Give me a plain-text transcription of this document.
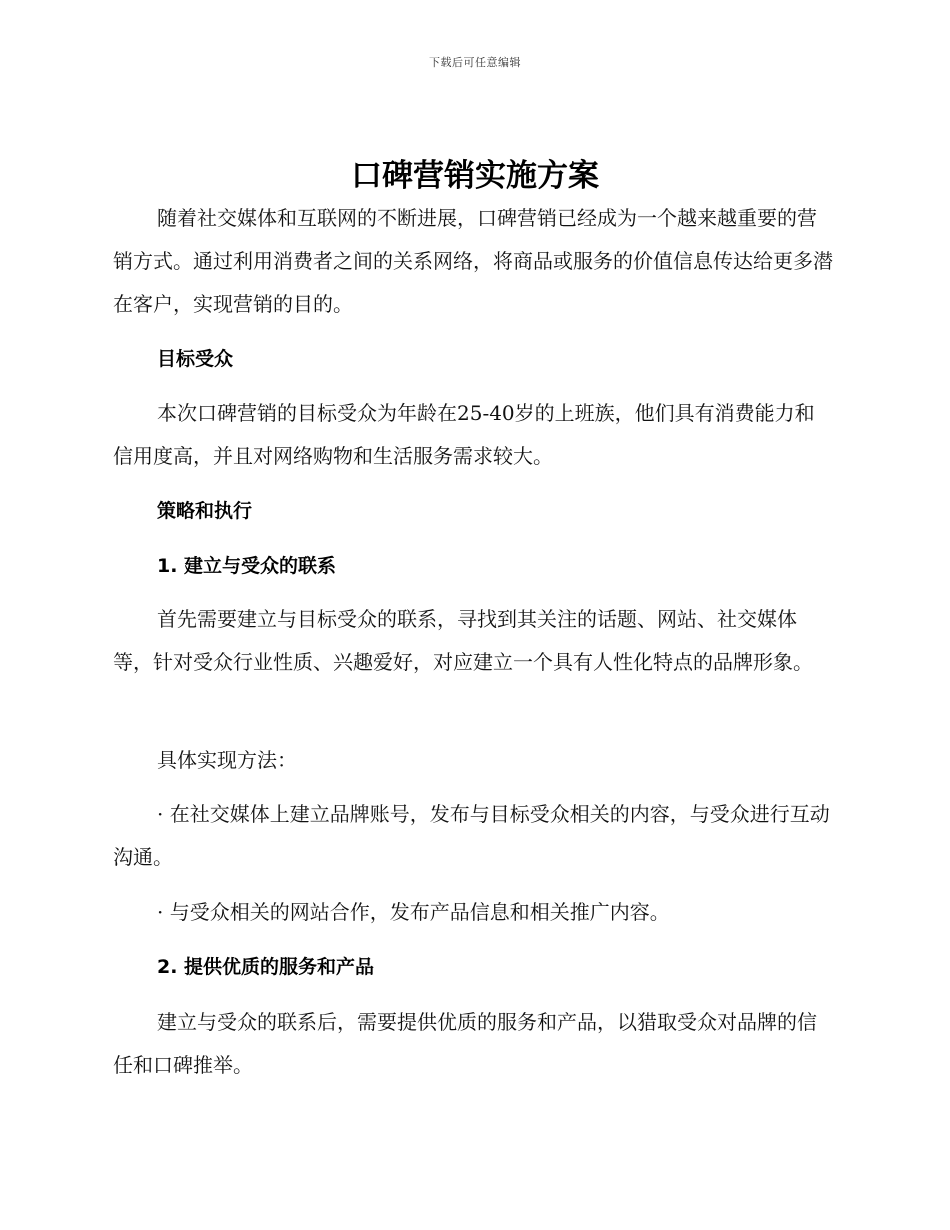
下载后可任意编辑
口碑营销实施方案

随着社交媒体和互联网的不断进展，口碑营销已经成为一个越来越重要的营销方式。通过利用消费者之间的关系网络，将商品或服务的价值信息传达给更多潜在客户，实现营销的目的。

目标受众

本次口碑营销的目标受众为年龄在25-40岁的上班族，他们具有消费能力和信用度高，并且对网络购物和生活服务需求较大。

策略和执行
1. 建立与受众的联系

首先需要建立与目标受众的联系，寻找到其关注的话题、网站、社交媒体等，针对受众行业性质、兴趣爱好，对应建立一个具有人性化特点的品牌形象。

具体实现方法：

· 在社交媒体上建立品牌账号，发布与目标受众相关的内容，与受众进行互动沟通。

· 与受众相关的网站合作，发布产品信息和相关推广内容。

2. 提供优质的服务和产品

建立与受众的联系后，需要提供优质的服务和产品，以猎取受众对品牌的信任和口碑推举。
